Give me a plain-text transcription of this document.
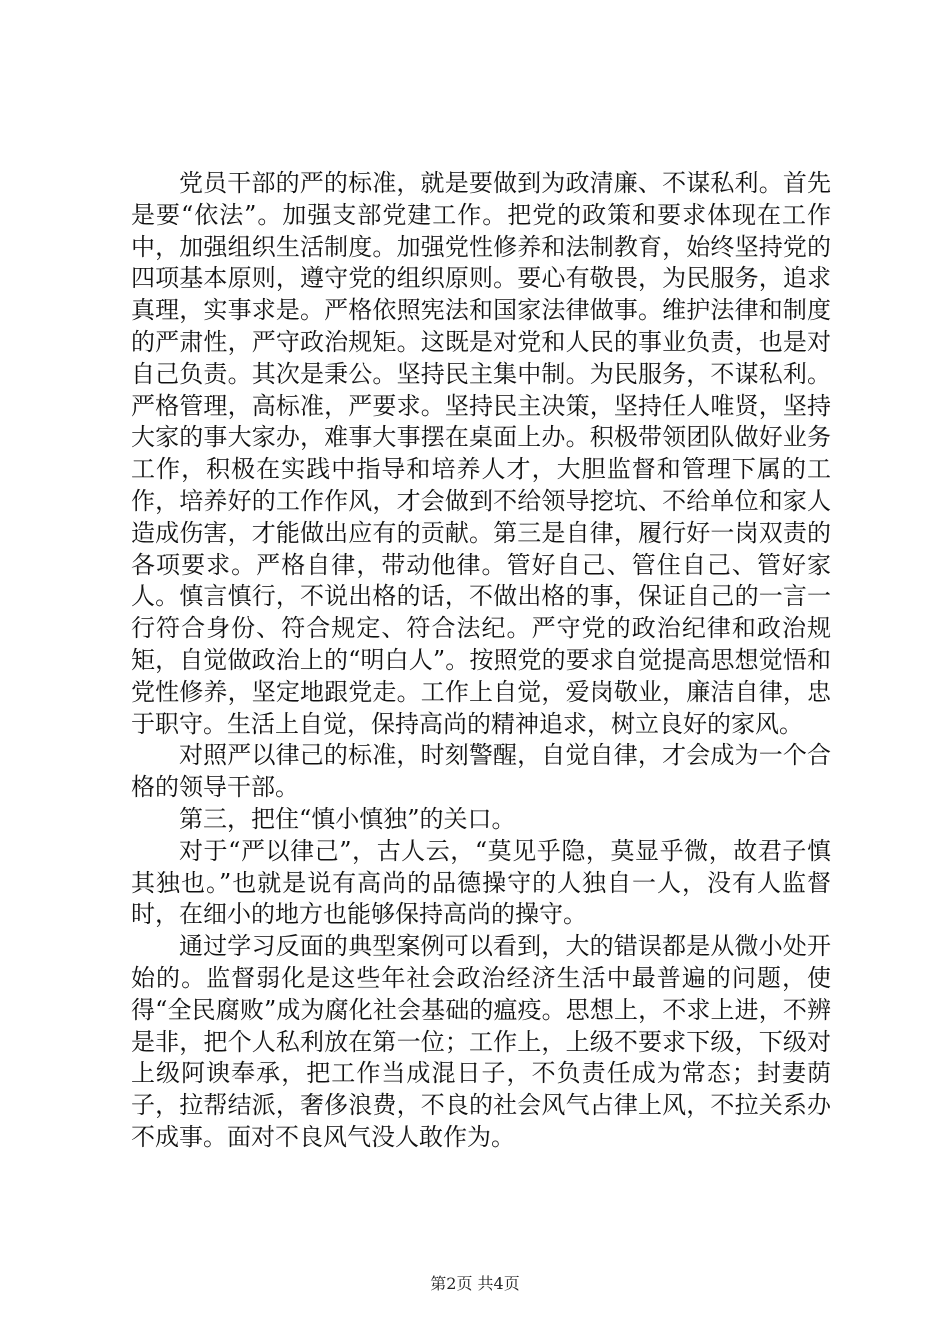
党员干部的严的标准，就是要做到为政清廉、不谋私利。首先是要“依法”。加强支部党建工作。把党的政策和要求体现在工作中，加强组织生活制度。加强党性修养和法制教育，始终坚持党的四项基本原则，遵守党的组织原则。要心有敬畏，为民服务，追求真理，实事求是。严格依照宪法和国家法律做事。维护法律和制度的严肃性，严守政治规矩。这既是对党和人民的事业负责，也是对自己负责。其次是秉公。坚持民主集中制。为民服务，不谋私利。严格管理，高标准，严要求。坚持民主决策，坚持任人唯贤，坚持大家的事大家办，难事大事摆在桌面上办。积极带领团队做好业务工作，积极在实践中指导和培养人才，大胆监督和管理下属的工作，培养好的工作作风，才会做到不给领导挖坑、不给单位和家人造成伤害，才能做出应有的贡献。第三是自律，履行好一岗双责的各项要求。严格自律，带动他律。管好自己、管住自己、管好家人。慎言慎行，不说出格的话，不做出格的事，保证自己的一言一行符合身份、符合规定、符合法纪。严守党的政治纪律和政治规矩，自觉做政治上的“明白人”。按照党的要求自觉提高思想觉悟和党性修养，坚定地跟党走。工作上自觉，爱岗敬业，廉洁自律，忠于职守。生活上自觉，保持高尚的精神追求，树立良好的家风。

对照严以律己的标准，时刻警醒，自觉自律，才会成为一个合格的领导干部。

第三，把住“慎小慎独”的关口。

对于“严以律己”，古人云，“莫见乎隐，莫显乎微，故君子慎其独也。”也就是说有高尚的品德操守的人独自一人，没有人监督时，在细小的地方也能够保持高尚的操守。

通过学习反面的典型案例可以看到，大的错误都是从微小处开始的。监督弱化是这些年社会政治经济生活中最普遍的问题，使得“全民腐败”成为腐化社会基础的瘟疫。思想上，不求上进，不辨是非，把个人私利放在第一位；工作上，上级不要求下级，下级对上级阿谀奉承，把工作当成混日子，不负责任成为常态；封妻荫子，拉帮结派，奢侈浪费，不良的社会风气占律上风，不拉关系办不成事。面对不良风气没人敢作为。

第2页 共4页
